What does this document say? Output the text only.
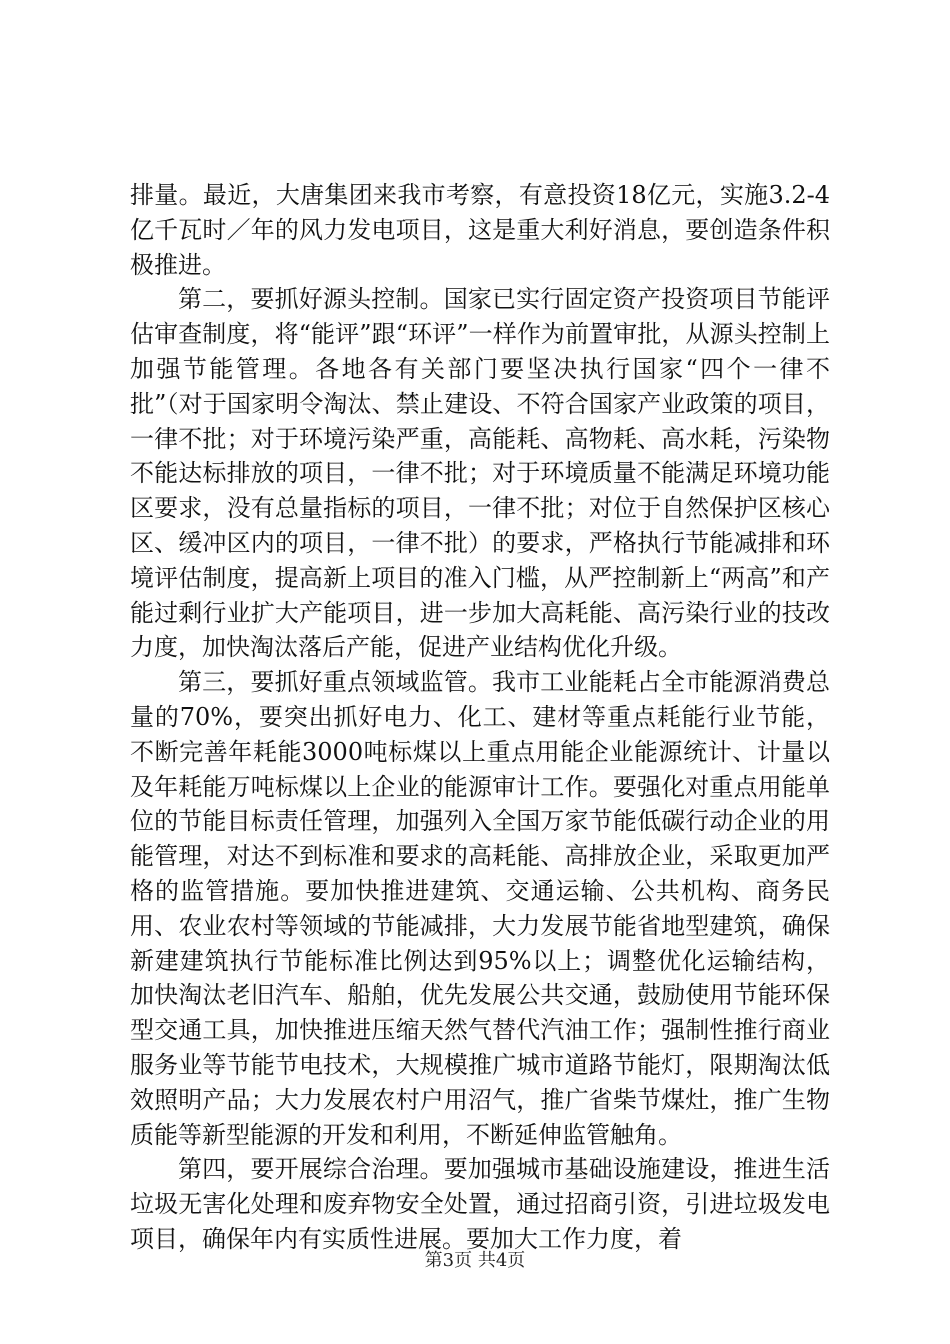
排量。最近，大唐集团来我市考察，有意投资18亿元，实施3.2-4亿千瓦时／年的风力发电项目，这是重大利好消息，要创造条件积极推进。

第二，要抓好源头控制。国家已实行固定资产投资项目节能评估审查制度，将“能评”跟“环评”一样作为前置审批，从源头控制上加强节能管理。各地各有关部门要坚决执行国家“四个一律不批”（对于国家明令淘汰、禁止建设、不符合国家产业政策的项目，一律不批；对于环境污染严重，高能耗、高物耗、高水耗，污染物不能达标排放的项目，一律不批；对于环境质量不能满足环境功能区要求，没有总量指标的项目，一律不批；对位于自然保护区核心区、缓冲区内的项目，一律不批）的要求，严格执行节能减排和环境评估制度，提高新上项目的准入门槛，从严控制新上“两高”和产能过剩行业扩大产能项目，进一步加大高耗能、高污染行业的技改力度，加快淘汰落后产能，促进产业结构优化升级。

第三，要抓好重点领域监管。我市工业能耗占全市能源消费总量的70%，要突出抓好电力、化工、建材等重点耗能行业节能，不断完善年耗能3000吨标煤以上重点用能企业能源统计、计量以及年耗能万吨标煤以上企业的能源审计工作。要强化对重点用能单位的节能目标责任管理，加强列入全国万家节能低碳行动企业的用能管理，对达不到标准和要求的高耗能、高排放企业，采取更加严格的监管措施。要加快推进建筑、交通运输、公共机构、商务民用、农业农村等领域的节能减排，大力发展节能省地型建筑，确保新建建筑执行节能标准比例达到95%以上；调整优化运输结构，加快淘汰老旧汽车、船舶，优先发展公共交通，鼓励使用节能环保型交通工具，加快推进压缩天然气替代汽油工作；强制性推行商业服务业等节能节电技术，大规模推广城市道路节能灯，限期淘汰低效照明产品；大力发展农村户用沼气，推广省柴节煤灶，推广生物质能等新型能源的开发和利用，不断延伸监管触角。

第四，要开展综合治理。要加强城市基础设施建设，推进生活垃圾无害化处理和废弃物安全处置，通过招商引资，引进垃圾发电项目，确保年内有实质性进展。要加大工作力度，着

第3页 共4页
